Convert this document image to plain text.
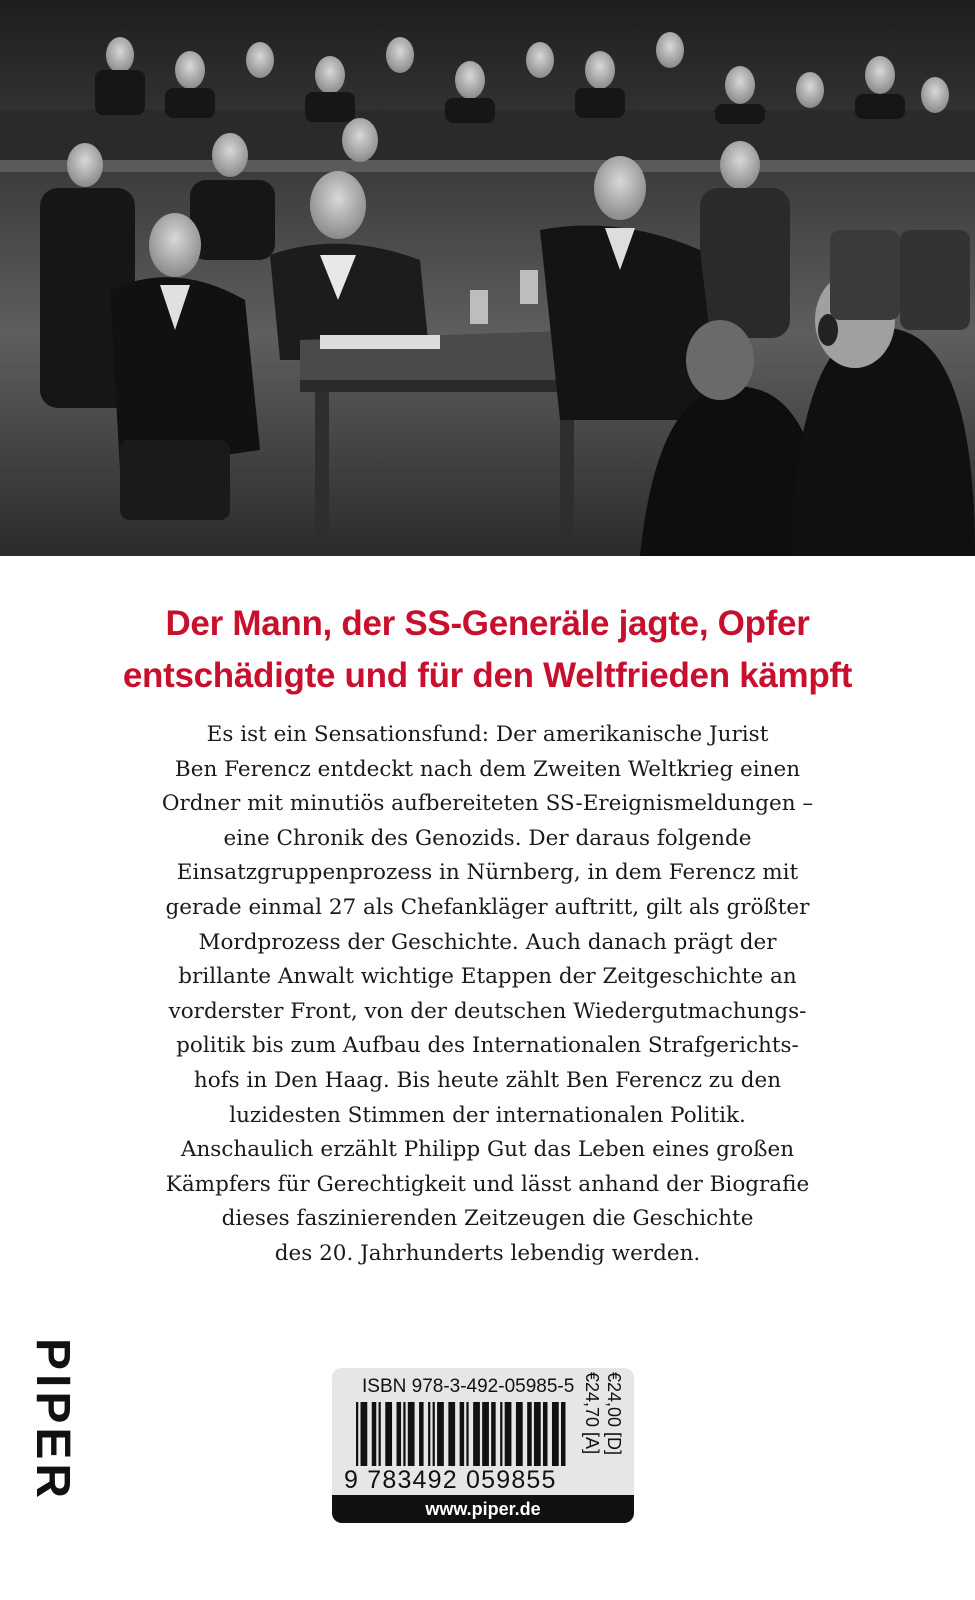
Der Mann, der SS-Generäle jagte, Opfer
entschädigte und für den Weltfrieden kämpft
Es ist ein Sensationsfund: Der amerikanische Jurist
Ben Ferencz entdeckt nach dem Zweiten Weltkrieg einen
Ordner mit minutiös aufbereiteten SS-Ereignismeldungen –
eine Chronik des Genozids. Der daraus folgende
Einsatzgruppenprozess in Nürnberg, in dem Ferencz mit
gerade einmal 27 als Chefankläger auftritt, gilt als größter
Mordprozess der Geschichte. Auch danach prägt der
brillante Anwalt wichtige Etappen der Zeitgeschichte an
vorderster Front, von der deutschen Wiedergutmachungs-
politik bis zum Aufbau des Internationalen Strafgerichts-
hofs in Den Haag. Bis heute zählt Ben Ferencz zu den
luzidesten Stimmen der internationalen Politik.
Anschaulich erzählt Philipp Gut das Leben eines großen
Kämpfers für Gerechtigkeit und lässt anhand der Biografie
dieses faszinierenden Zeitzeugen die Geschichte
des 20. Jahrhunderts lebendig werden.
PIPER	ISBN 978-3-492-05985-5
9 783492 059855
€24,00 [D]
€24,70 [A]
www.piper.de
